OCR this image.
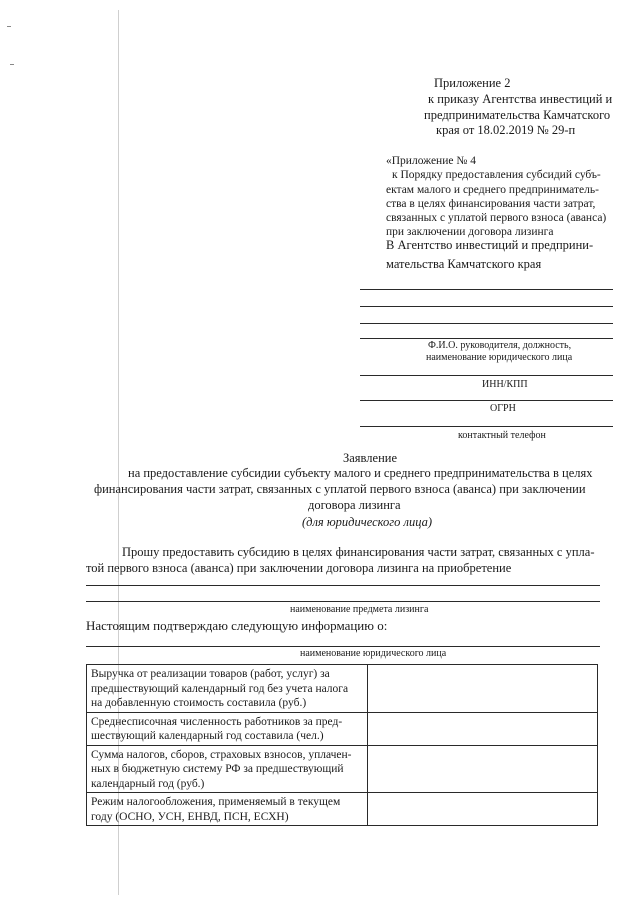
Приложение 2
к приказу Агентства инвестиций и
предпринимательства Камчатского
края от 18.02.2019 № 29-п
«Приложение № 4
к Порядку предоставления субсидий субъ-
ектам малого и среднего предприниматель-
ства в целях финансирования части затрат,
связанных с уплатой первого взноса (аванса)
при заключении договора лизинга
В Агентство инвестиций и предприни-
мательства Камчатского края
Ф.И.О. руководителя, должность,
наименование юридического лица
ИНН/КПП
ОГРН
контактный телефон
Заявление
на предоставление субсидии субъекту малого и среднего предпринимательства в целях
финансирования части затрат, связанных с уплатой первого взноса (аванса) при заключении
договора лизинга
(для юридического лица)
Прошу предоставить субсидию в целях финансирования части затрат, связанных с упла-
той первого взноса (аванса) при заключении договора лизинга на приобретение
наименование предмета лизинга
Настоящим подтверждаю следующую информацию о:
наименование юридического лица
Выручка от реализации товаров (работ, услуг) за
предшествующий календарный год без учета налога
на добавленную стоимость составила (руб.)	

Среднесписочная численность работников за пред-
шествующий календарный год составила (чел.)	

Сумма налогов, сборов, страховых взносов, уплачен-
ных в бюджетную систему РФ за предшествующий
календарный год (руб.)	

Режим налогообложения, применяемый в текущем
году (ОСНО, УСН, ЕНВД, ПСН, ЕСХН)	
